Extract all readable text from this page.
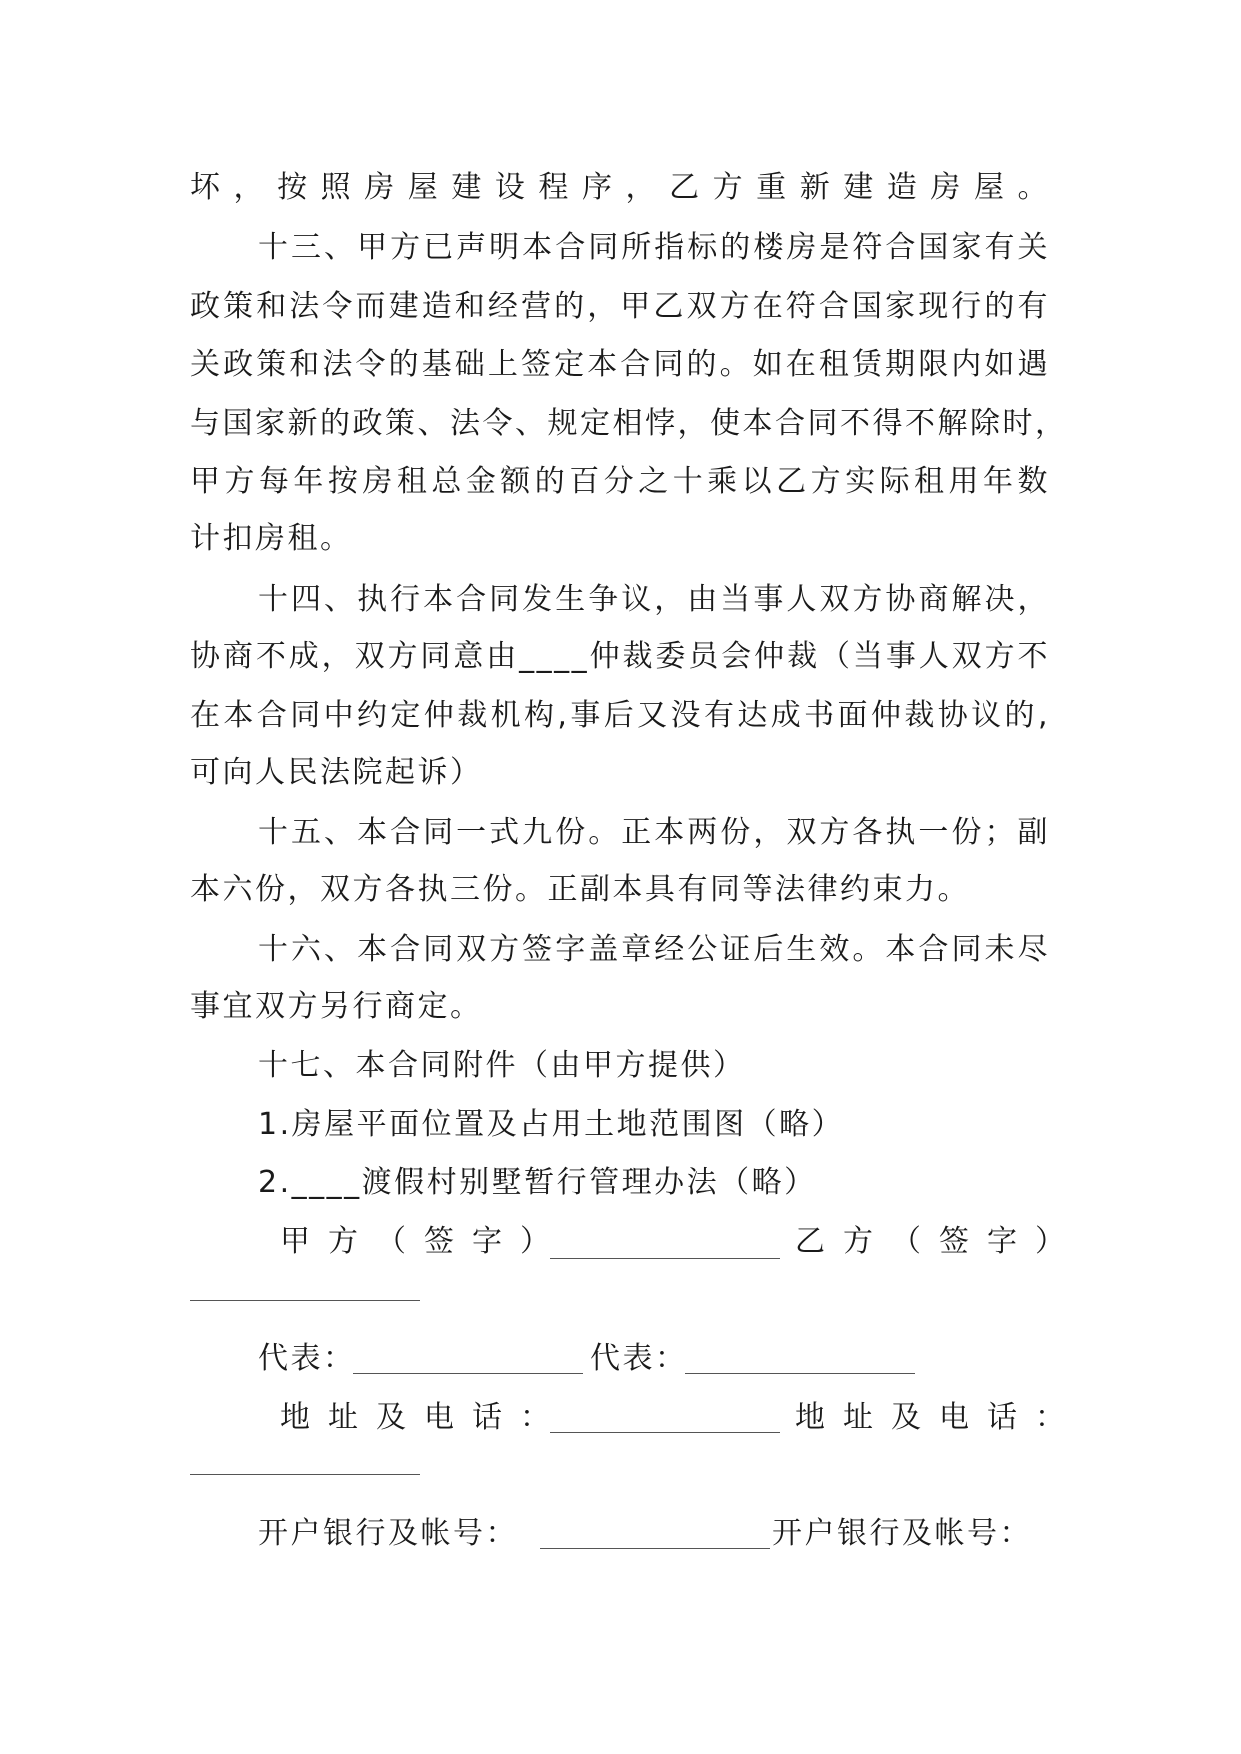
坏，按照房屋建设程序，乙方重新建造房屋。
十三、甲方已声明本合同所指标的楼房是符合国家有关
政策和法令而建造和经营的，甲乙双方在符合国家现行的有
关政策和法令的基础上签定本合同的。如在租赁期限内如遇
与国家新的政策、法令、规定相悖，使本合同不得不解除时，
甲方每年按房租总金额的百分之十乘以乙方实际租用年数
计扣房租。
十四、执行本合同发生争议，由当事人双方协商解决，
协商不成，双方同意由____仲裁委员会仲裁（当事人双方不
在本合同中约定仲裁机构,事后又没有达成书面仲裁协议的,
可向人民法院起诉）
十五、本合同一式九份。正本两份，双方各执一份；副
本六份，双方各执三份。正副本具有同等法律约束力。
十六、本合同双方签字盖章经公证后生效。本合同未尽
事宜双方另行商定。
十七、本合同附件（由甲方提供）
1.房屋平面位置及占用土地范围图（略）
2.____渡假村别墅暂行管理办法（略）
甲方（签字）	乙方（签字）
代表：	代表：
地址及电话：	地址及电话：
开户银行及帐号：	开户银行及帐号：
